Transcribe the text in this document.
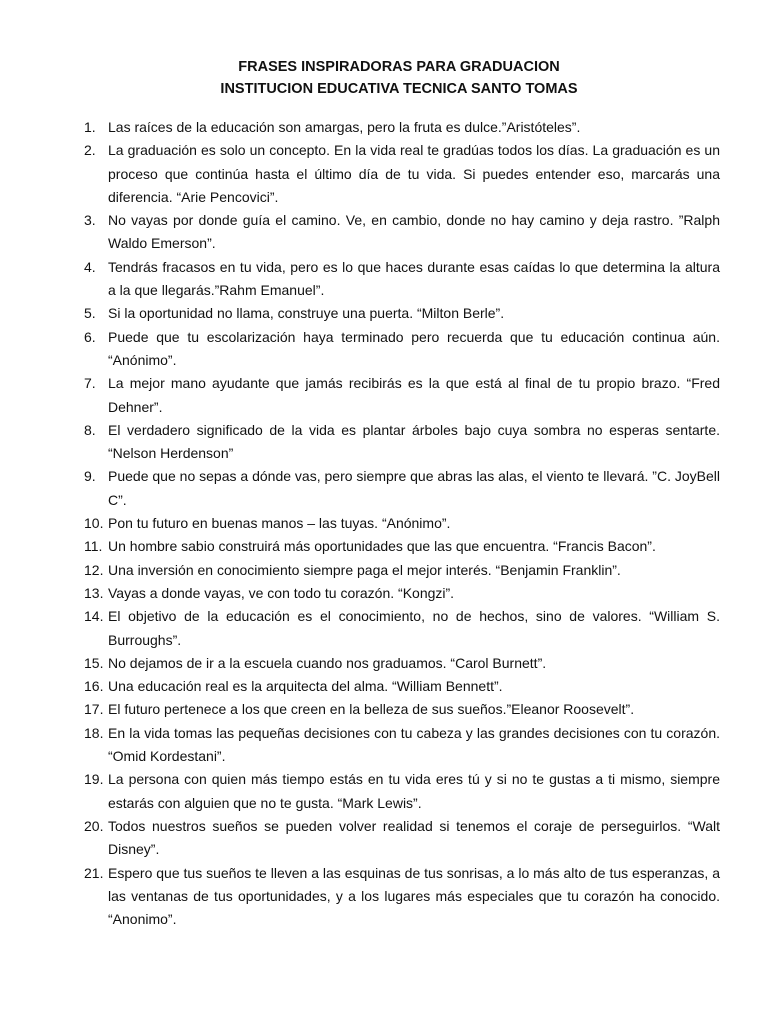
FRASES INSPIRADORAS PARA GRADUACION

INSTITUCION EDUCATIVA TECNICA SANTO TOMAS

1. Las raíces de la educación son amargas, pero la fruta es dulce.”Aristóteles”.
2. La graduación es solo un concepto. En la vida real te gradúas todos los días. La graduación es un proceso que continúa hasta el último día de tu vida. Si puedes entender eso, marcarás una diferencia. “Arie Pencovici”.
3. No vayas por donde guía el camino. Ve, en cambio, donde no hay camino y deja rastro. ”Ralph Waldo Emerson”.
4. Tendrás fracasos en tu vida, pero es lo que haces durante esas caídas lo que determina la altura a la que llegarás.”Rahm Emanuel”.
5. Si la oportunidad no llama, construye una puerta. “Milton Berle”.
6. Puede que tu escolarización haya terminado pero recuerda que tu educación continua aún. “Anónimo”.
7. La mejor mano ayudante que jamás recibirás es la que está al final de tu propio brazo. “Fred Dehner”.
8. El verdadero significado de la vida es plantar árboles bajo cuya sombra no esperas sentarte. “Nelson Herdenson”
9. Puede que no sepas a dónde vas, pero siempre que abras las alas, el viento te llevará. ”C. JoyBell C”.
10. Pon tu futuro en buenas manos – las tuyas. “Anónimo”.
11. Un hombre sabio construirá más oportunidades que las que encuentra. “Francis Bacon”.
12. Una inversión en conocimiento siempre paga el mejor interés. “Benjamin Franklin”.
13. Vayas a donde vayas, ve con todo tu corazón. “Kongzi”.
14. El objetivo de la educación es el conocimiento, no de hechos, sino de valores. “William S. Burroughs”.
15. No dejamos de ir a la escuela cuando nos graduamos. “Carol Burnett”.
16. Una educación real es la arquitecta del alma. “William Bennett”.
17. El futuro pertenece a los que creen en la belleza de sus sueños.”Eleanor Roosevelt”.
18. En la vida tomas las pequeñas decisiones con tu cabeza y las grandes decisiones con tu corazón. “Omid Kordestani”.
19. La persona con quien más tiempo estás en tu vida eres tú y si no te gustas a ti mismo, siempre estarás con alguien que no te gusta. “Mark Lewis”.
20. Todos nuestros sueños se pueden volver realidad si tenemos el coraje de perseguirlos. “Walt Disney”.
21. Espero que tus sueños te lleven a las esquinas de tus sonrisas, a lo más alto de tus esperanzas, a las ventanas de tus oportunidades, y a los lugares más especiales que tu corazón ha conocido. “Anonimo”.
